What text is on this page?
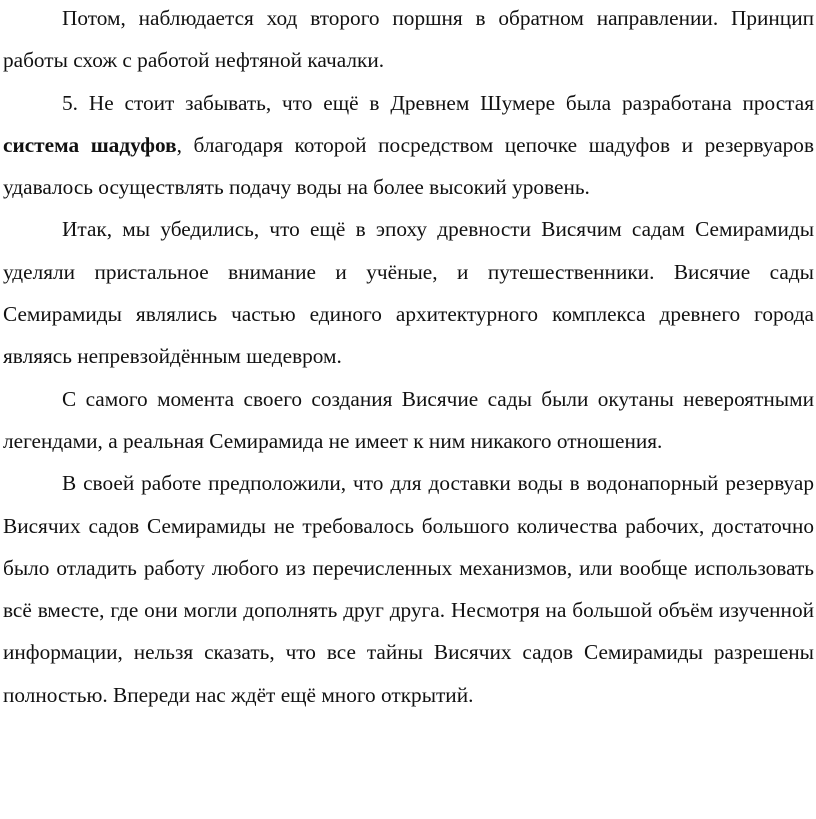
Потом, наблюдается ход второго поршня в обратном направлении. Принцип работы схож с работой нефтяной качалки.

5. Не стоит забывать, что ещё в Древнем Шумере была разработана простая система шадуфов, благодаря которой посредством цепочке шадуфов и резервуаров удавалось осуществлять подачу воды на более высокий уровень.

Итак, мы убедились, что ещё в эпоху древности Висячим садам Семирамиды уделяли пристальное внимание и учёные, и путешественники. Висячие сады Семирамиды являлись частью единого архитектурного комплекса древнего города являясь непревзойдённым шедевром.

С самого момента своего создания Висячие сады были окутаны невероятными легендами, а реальная Семирамида не имеет к ним никакого отношения.

В своей работе предположили, что для доставки воды в водонапорный резервуар Висячих садов Семирамиды не требовалось большого количества рабочих, достаточно было отладить работу любого из перечисленных механизмов, или вообще использовать всё вместе, где они могли дополнять друг друга. Несмотря на большой объём изученной информации, нельзя сказать, что все тайны Висячих садов Семирамиды разрешены полностью. Впереди нас ждёт ещё много открытий.
